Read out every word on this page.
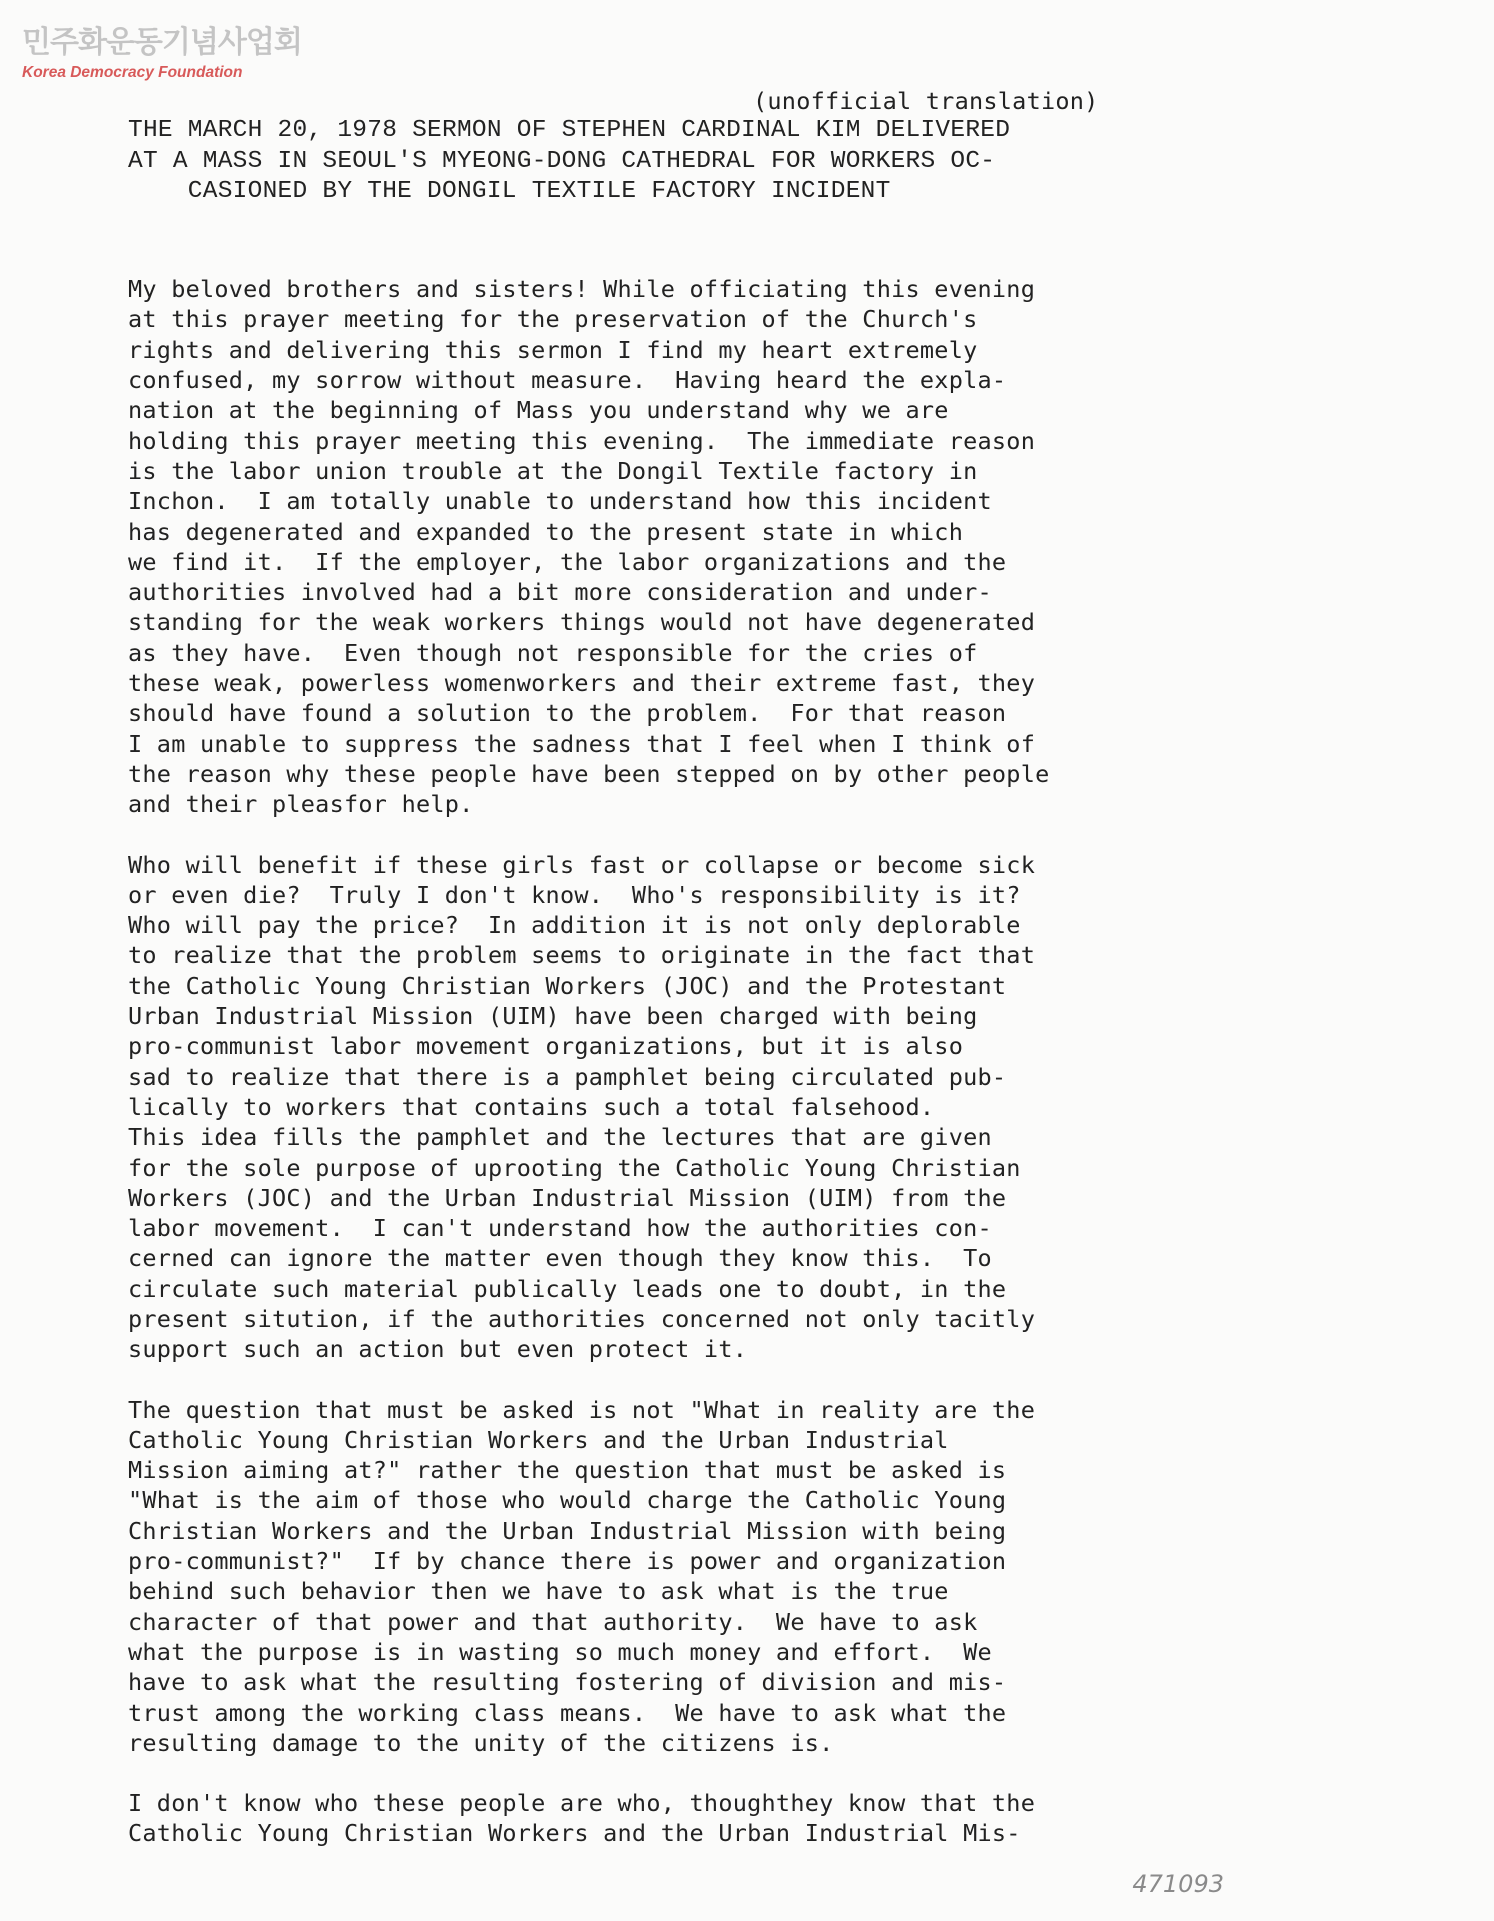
민주화운동기념사업회
Korea Democracy Foundation

(unofficial translation)

THE MARCH 20, 1978 SERMON OF STEPHEN CARDINAL KIM DELIVERED

AT A MASS IN SEOUL'S MYEONG-DONG CATHEDRAL FOR WORKERS OC-

CASIONED BY THE DONGIL TEXTILE FACTORY INCIDENT

My beloved brothers and sisters! While officiating this evening

at this prayer meeting for the preservation of the Church's

rights and delivering this sermon I find my heart extremely

confused, my sorrow without measure.  Having heard the expla-

nation at the beginning of Mass you understand why we are

holding this prayer meeting this evening.  The immediate reason

is the labor union trouble at the Dongil Textile factory in

Inchon.  I am totally unable to understand how this incident

has degenerated and expanded to the present state in which

we find it.  If the employer, the labor organizations and the

authorities involved had a bit more consideration and under-

standing for the weak workers things would not have degenerated

as they have.  Even though not responsible for the cries of

these weak, powerless womenworkers and their extreme fast, they

should have found a solution to the problem.  For that reason

I am unable to suppress the sadness that I feel when I think of

the reason why these people have been stepped on by other people

and their pleasfor help.

Who will benefit if these girls fast or collapse or become sick

or even die?  Truly I don't know.  Who's responsibility is it?

Who will pay the price?  In addition it is not only deplorable

to realize that the problem seems to originate in the fact that

the Catholic Young Christian Workers (JOC) and the Protestant

Urban Industrial Mission (UIM) have been charged with being

pro-communist labor movement organizations, but it is also

sad to realize that there is a pamphlet being circulated pub-

lically to workers that contains such a total falsehood.

This idea fills the pamphlet and the lectures that are given

for the sole purpose of uprooting the Catholic Young Christian

Workers (JOC) and the Urban Industrial Mission (UIM) from the

labor movement.  I can't understand how the authorities con-

cerned can ignore the matter even though they know this.  To

circulate such material publically leads one to doubt, in the

present sitution, if the authorities concerned not only tacitly

support such an action but even protect it.

The question that must be asked is not "What in reality are the

Catholic Young Christian Workers and the Urban Industrial

Mission aiming at?" rather the question that must be asked is

"What is the aim of those who would charge the Catholic Young

Christian Workers and the Urban Industrial Mission with being

pro-communist?"  If by chance there is power and organization

behind such behavior then we have to ask what is the true

character of that power and that authority.  We have to ask

what the purpose is in wasting so much money and effort.  We

have to ask what the resulting fostering of division and mis-

trust among the working class means.  We have to ask what the

resulting damage to the unity of the citizens is.

I don't know who these people are who, thoughthey know that the

Catholic Young Christian Workers and the Urban Industrial Mis-

471093
